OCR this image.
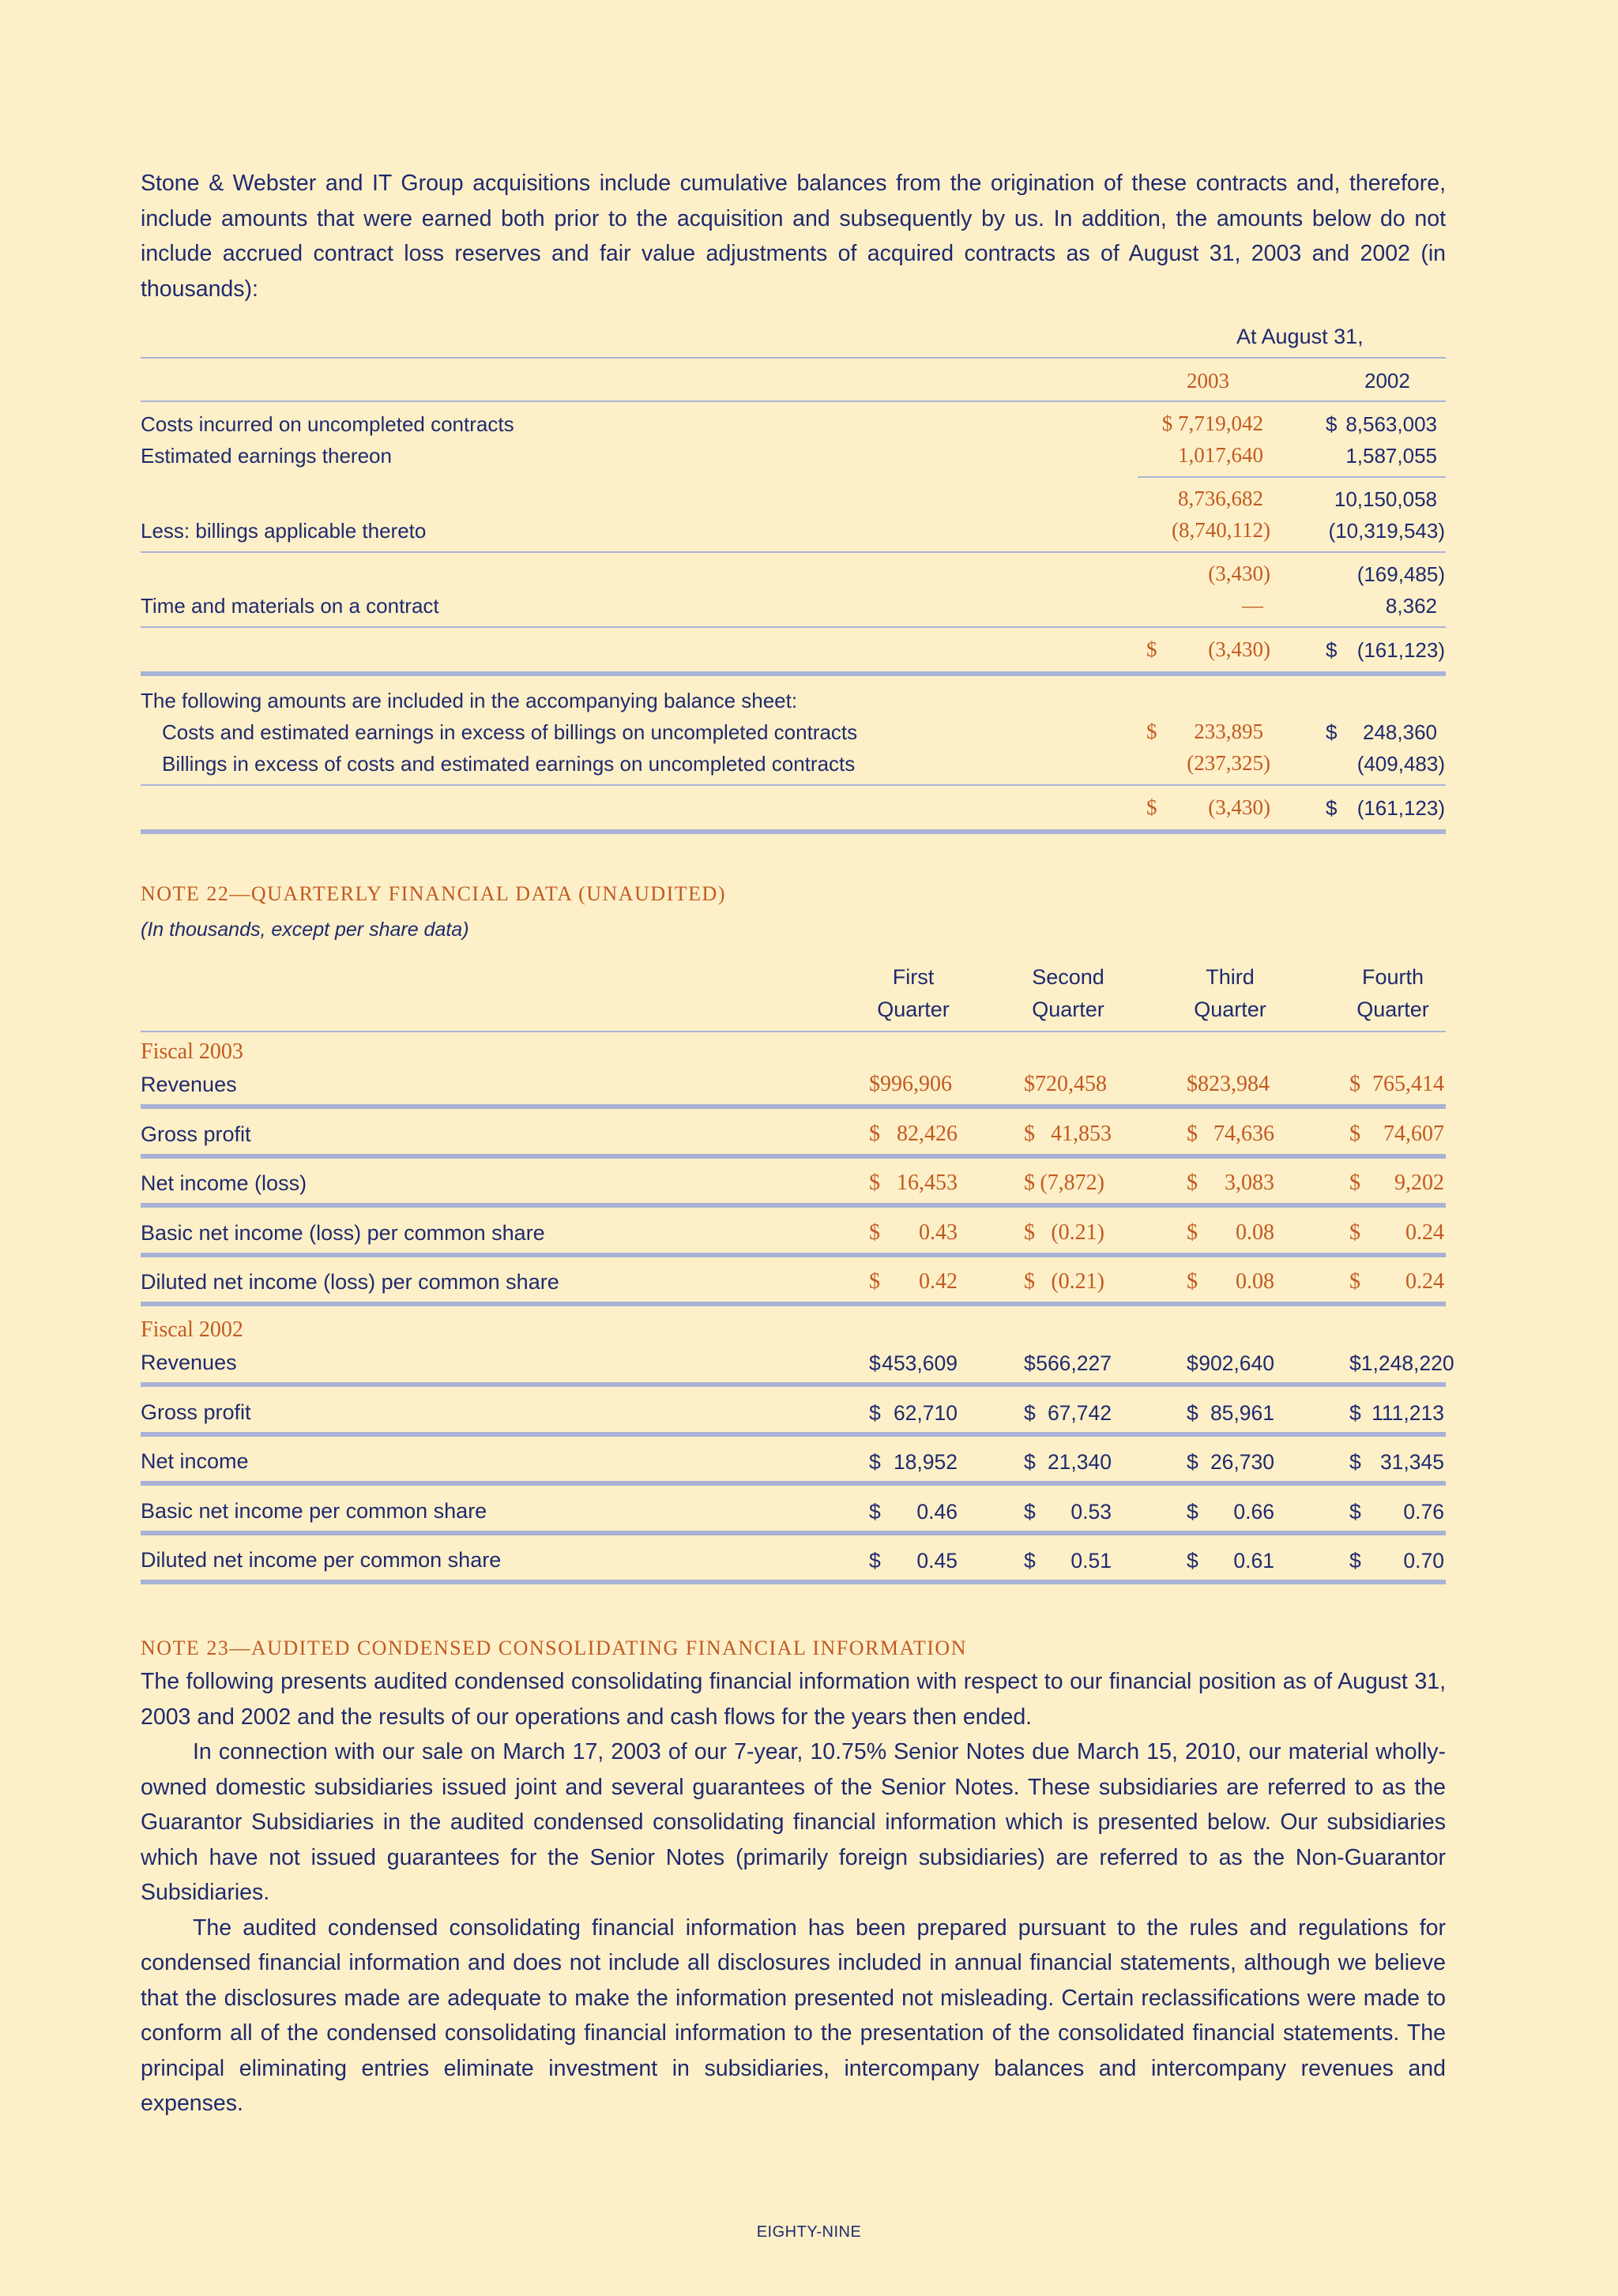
Stone & Webster and IT Group acquisitions include cumulative balances from the origination of these contracts and, therefore, include amounts that were earned both prior to the acquisition and subsequently by us. In addition, the amounts below do not include accrued contract loss reserves and fair value adjustments of acquired contracts as of August 31, 2003 and 2002 (in thousands):

At August 31,
2003	2002
Costs incurred on uncompleted contracts	$ 7,719,042	$ 8,563,003
Estimated earnings thereon	1,017,640	1,587,055
8,736,682	10,150,058
Less: billings applicable thereto	(8,740,112)	(10,319,543)
(3,430)	(169,485)
Time and materials on a contract	—	8,362
$ (3,430)	$ (161,123)
The following amounts are included in the accompanying balance sheet:
Costs and estimated earnings in excess of billings on uncompleted contracts	$ 233,895	$ 248,360
Billings in excess of costs and estimated earnings on uncompleted contracts	(237,325)	(409,483)
$ (3,430)	$ (161,123)
NOTE 22—QUARTERLY FINANCIAL DATA (UNAUDITED)
(In thousands, except per share data)
First
Quarter
Second
Quarter
Third
Quarter
Fourth
Quarter
Fiscal 2003
Revenues	$996,906	$720,458	$823,984	$ 765,414
Gross profit	$ 82,426	$ 41,853	$ 74,636	$ 74,607
Net income (loss)	$ 16,453	$ (7,872)	$ 3,083	$ 9,202
Basic net income (loss) per common share	$ 0.43	$ (0.21)	$ 0.08	$ 0.24
Diluted net income (loss) per common share	$ 0.42	$ (0.21)	$ 0.08	$ 0.24
Fiscal 2002
Revenues	$ 453,609	$ 566,227	$ 902,640	$1,248,220
Gross profit	$ 62,710	$ 67,742	$ 85,961	$ 111,213
Net income	$ 18,952	$ 21,340	$ 26,730	$ 31,345
Basic net income per common share	$ 0.46	$ 0.53	$ 0.66	$ 0.76
Diluted net income per common share	$ 0.45	$ 0.51	$ 0.61	$ 0.70
NOTE 23—AUDITED CONDENSED CONSOLIDATING FINANCIAL INFORMATION

The following presents audited condensed consolidating financial information with respect to our financial position as of August 31, 2003 and 2002 and the results of our operations and cash flows for the years then ended.

In connection with our sale on March 17, 2003 of our 7-year, 10.75% Senior Notes due March 15, 2010, our material wholly-owned domestic subsidiaries issued joint and several guarantees of the Senior Notes. These subsidiaries are referred to as the Guarantor Subsidiaries in the audited condensed consolidating financial information which is presented below. Our subsidiaries which have not issued guarantees for the Senior Notes (primarily foreign subsidiaries) are referred to as the Non-Guarantor Subsidiaries.

The audited condensed consolidating financial information has been prepared pursuant to the rules and regulations for condensed financial information and does not include all disclosures included in annual financial statements, although we believe that the disclosures made are adequate to make the information presented not misleading. Certain reclassifications were made to conform all of the condensed consolidating financial information to the presentation of the consolidated financial statements. The principal eliminating entries eliminate investment in subsidiaries, intercompany balances and intercompany revenues and expenses.

EIGHTY-NINE
